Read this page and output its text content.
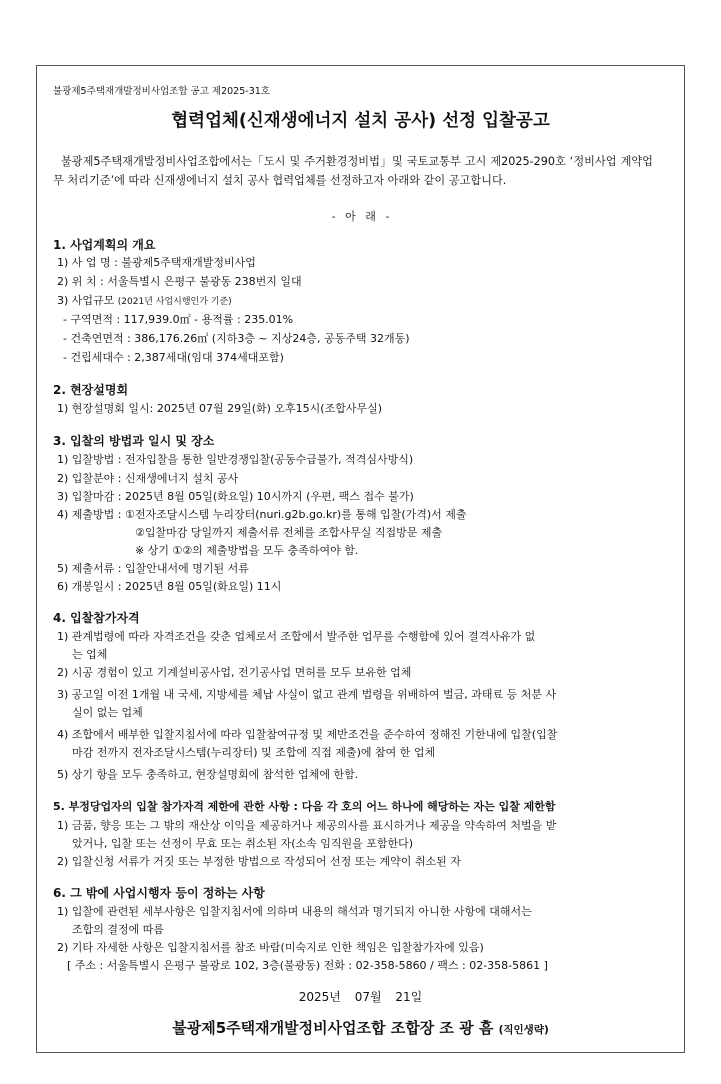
불광제5주택재개발정비사업조합 공고 제2025-31호
협력업체(신재생에너지 설치 공사) 선정 입찰공고
불광제5주택재개발정비사업조합에서는「도시 및 주거환경정비법」및 국토교통부 고시 제2025-290호 ‘정비사업 계약업무 처리기준’에 따라 신재생에너지 설치 공사 협력업체를 선정하고자 아래와 같이 공고합니다.
- 아 래 -
1. 사업계획의 개요
1) 사 업 명 : 불광제5주택재개발정비사업
2) 위 치 : 서울특별시 은평구 불광동 238번지 일대
3) 사업규모 (2021년 사업시행인가 기준)
- 구역면적 : 117,939.0㎡ - 용적률 : 235.01%
- 건축연면적 : 386,176.26㎡ (지하3층 ~ 지상24층, 공동주택 32개동)
- 건립세대수 : 2,387세대(임대 374세대포함)
2. 현장설명회
1) 현장설명회 일시: 2025년 07월 29일(화) 오후15시(조합사무실)
3. 입찰의 방법과 일시 및 장소
1) 입찰방법 : 전자입찰을 통한 일반경쟁입찰(공동수급불가, 적격심사방식)
2) 입찰분야 : 신재생에너지 설치 공사
3) 입찰마감 : 2025년 8월 05일(화요일) 10시까지 (우편, 팩스 접수 불가)
4) 제출방법 : ①전자조달시스템 누리장터(nuri.g2b.go.kr)를 통해 입찰(가격)서 제출
②입찰마감 당일까지 제출서류 전체를 조합사무실 직접방문 제출
※ 상기 ①②의 제출방법을 모두 충족하여야 함.
5) 제출서류 : 입찰안내서에 명기된 서류
6) 개봉일시 : 2025년 8월 05일(화요일) 11시
4. 입찰참가자격
1) 관계법령에 따라 자격조건을 갖춘 업체로서 조합에서 발주한 업무를 수행함에 있어 결격사유가 없
는 업체
2) 시공 경험이 있고 기계설비공사업, 전기공사업 면허를 모두 보유한 업체
3) 공고일 이전 1개월 내 국세, 지방세를 체납 사실이 없고 관계 법령을 위배하여 벌금, 과태료 등 처분 사
실이 없는 업체
4) 조합에서 배부한 입찰지침서에 따라 입찰참여규정 및 제반조건을 준수하여 정해진 기한내에 입찰(입찰
마감 전까지 전자조달시스템(누리장터) 및 조합에 직접 제출)에 참여 한 업체
5) 상기 항을 모두 충족하고, 현장설명회에 참석한 업체에 한함.
5. 부정당업자의 입찰 참가자격 제한에 관한 사항 : 다음 각 호의 어느 하나에 해당하는 자는 입찰 제한함
1) 금품, 향응 또는 그 밖의 재산상 이익을 제공하거나 제공의사를 표시하거나 제공을 약속하여 처벌을 받
았거나, 입찰 또는 선정이 무효 또는 취소된 자(소속 임직원을 포함한다)
2) 입찰신청 서류가 거짓 또는 부정한 방법으로 작성되어 선정 또는 계약이 취소된 자
6. 그 밖에 사업시행자 등이 정하는 사항
1) 입찰에 관련된 세부사항은 입찰지침서에 의하며 내용의 해석과 명기되지 아니한 사항에 대해서는
조합의 결정에 따름
2) 기타 자세한 사항은 입찰지침서를 참조 바람(미숙지로 인한 책임은 입찰참가자에 있음)
[ 주소 : 서울특별시 은평구 불광로 102, 3층(불광동) 전화 : 02-358-5860 / 팩스 : 02-358-5861 ]
2025년 07월 21일
불광제5주택재개발정비사업조합 조합장 조 광 흠 (직인생략)
